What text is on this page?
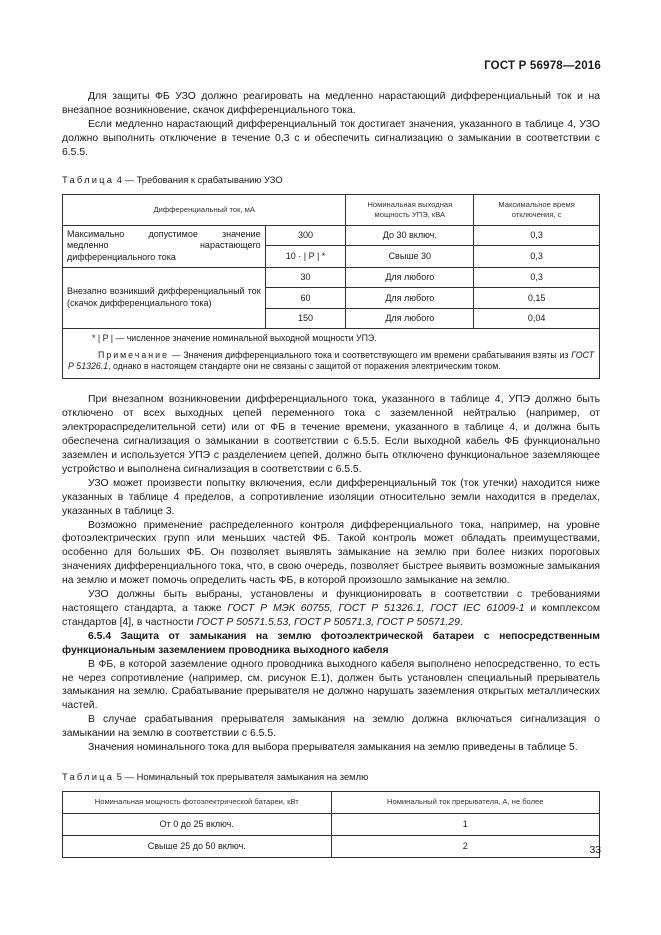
ГОСТ Р 56978—2016

Для защиты ФБ УЗО должно реагировать на медленно нарастающий дифференциальный ток и на внезапное возникновение, скачок дифференциального тока.

Если медленно нарастающий дифференциальный ток достигает значения, указанного в таблице 4, УЗО должно выполнить отключение в течение 0,3 с и обеспечить сигнализацию о замыкании в соответствии с 6.5.5.

Таблица 4 — Требования к срабатыванию УЗО

Дифференциальный ток, мА		Номинальная выходная мощность УПЭ, кВА	Максимальное время отключения, с
Максимально допустимое значение медленно нарастающего дифференциального тока	300	До 30 включ.	0,3
	10 · | P | *	Свыше 30	0,3
Внезапно возникший дифференциальный ток (скачок дифференциального тока)	30	Для любого	0,3
	60	Для любого	0,15
	150	Для любого	0,04
* | P | — численное значение номинальной выходной мощности УПЭ.
Примечание — Значения дифференциального тока и соответствующего им времени срабатывания взяты из ГОСТ Р 51326.1, однако в настоящем стандарте они не связаны с защитой от поражения электрическим током.

При внезапном возникновении дифференциального тока, указанного в таблице 4, УПЭ должно быть отключено от всех выходных цепей переменного тока с заземленной нейтралью (например, от электрораспределительной сети) или от ФБ в течение времени, указанного в таблице 4, и должна быть обеспечена сигнализация о замыкании в соответствии с 6.5.5. Если выходной кабель ФБ функционально заземлен и используется УПЭ с разделением цепей, должно быть отключено функциональное заземляющее устройство и выполнена сигнализация в соответствии с 6.5.5.

УЗО может произвести попытку включения, если дифференциальный ток (ток утечки) находится ниже указанных в таблице 4 пределов, а сопротивление изоляции относительно земли находится в пределах, указанных в таблице 3.

Возможно применение распределенного контроля дифференциального тока, например, на уровне фотоэлектрических групп или меньших частей ФБ. Такой контроль может обладать преимуществами, особенно для больших ФБ. Он позволяет выявлять замыкание на землю при более низких пороговых значениях дифференциального тока, что, в свою очередь, позволяет быстрее выявить возможные замыкания на землю и может помочь определить часть ФБ, в которой произошло замыкание на землю.

УЗО должны быть выбраны, установлены и функционировать в соответствии с требованиями настоящего стандарта, а также ГОСТ Р МЭК 60755, ГОСТ Р 51326.1, ГОСТ IEC 61009-1 и комплексом стандартов [4], в частности ГОСТ Р 50571.5.53, ГОСТ Р 50571.3, ГОСТ Р 50571.29.

6.5.4 Защита от замыкания на землю фотоэлектрической батареи с непосредственным функциональным заземлением проводника выходного кабеля

В ФБ, в которой заземление одного проводника выходного кабеля выполнено непосредственно, то есть не через сопротивление (например, см. рисунок Е.1), должен быть установлен специальный прерыватель замыкания на землю. Срабатывание прерывателя не должно нарушать заземления открытых металлических частей.

В случае срабатывания прерывателя замыкания на землю должна включаться сигнализация о замыкании на землю в соответствии с 6.5.5.

Значения номинального тока для выбора прерывателя замыкания на землю приведены в таблице 5.

Таблица 5 — Номинальный ток прерывателя замыкания на землю

Номинальная мощность фотоэлектрической батареи, кВт	Номинальный ток прерывателя, А, не более
От 0 до 25 включ.	1
Свыше 25 до 50 включ.	2	33
